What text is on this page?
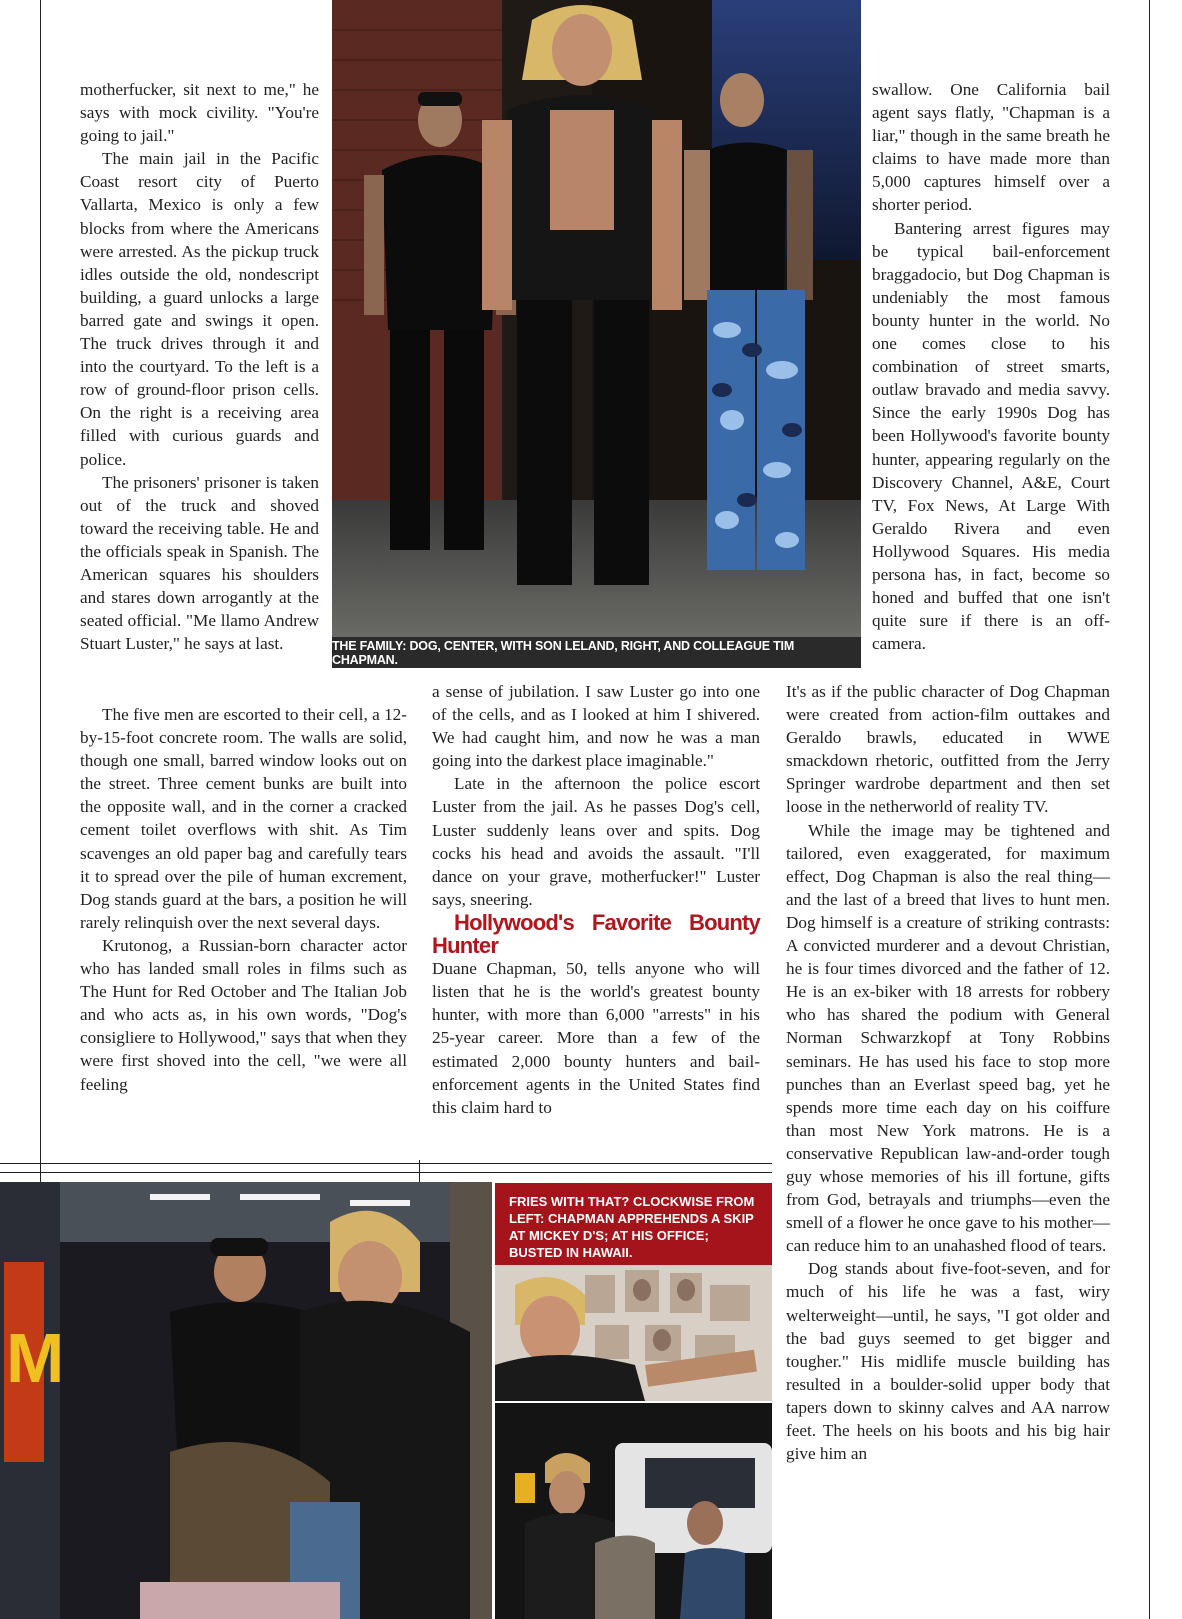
THE FAMILY: DOG, CENTER, WITH SON LELAND, RIGHT, AND COLLEAGUE TIM CHAPMAN.

motherfucker, sit next to me," he says with mock civility. "You're going to jail."

The main jail in the Pacific Coast resort city of Puerto Vallarta, Mexico is only a few blocks from where the Americans were arrested. As the pickup truck idles outside the old, nondescript building, a guard unlocks a large barred gate and swings it open. The truck drives through it and into the courtyard. To the left is a row of ground-floor prison cells. On the right is a receiving area filled with curious guards and police.

The prisoners' prisoner is taken out of the truck and shoved toward the receiving table. He and the officials speak in Spanish. The American squares his shoulders and stares down arrogantly at the seated official. "Me llamo Andrew Stuart Luster," he says at last.

The five men are escorted to their cell, a 12-by-15-foot concrete room. The walls are solid, though one small, barred window looks out on the street. Three cement bunks are built into the opposite wall, and in the corner a cracked cement toilet overflows with shit. As Tim scavenges an old paper bag and carefully tears it to spread over the pile of human excrement, Dog stands guard at the bars, a position he will rarely relinquish over the next several days.

Krutonog, a Russian-born character actor who has landed small roles in films such as The Hunt for Red October and The Italian Job and who acts as, in his own words, "Dog's consigliere to Hollywood," says that when they were first shoved into the cell, "we were all feeling

a sense of jubilation. I saw Luster go into one of the cells, and as I looked at him I shivered. We had caught him, and now he was a man going into the darkest place imaginable."

Late in the afternoon the police escort Luster from the jail. As he passes Dog's cell, Luster suddenly leans over and spits. Dog cocks his head and avoids the assault. "I'll dance on your grave, motherfucker!" Luster says, sneering.

Hollywood's Favorite Bounty Hunter

Duane Chapman, 50, tells anyone who will listen that he is the world's greatest bounty hunter, with more than 6,000 "arrests" in his 25-year career. More than a few of the estimated 2,000 bounty hunters and bail-enforcement agents in the United States find this claim hard to

swallow. One California bail agent says flatly, "Chapman is a liar," though in the same breath he claims to have made more than 5,000 captures himself over a shorter period.

Bantering arrest figures may be typical bail-enforcement braggadocio, but Dog Chapman is undeniably the most famous bounty hunter in the world. No one comes close to his combination of street smarts, outlaw bravado and media savvy. Since the early 1990s Dog has been Hollywood's favorite bounty hunter, appearing regularly on the Discovery Channel, A&E, Court TV, Fox News, At Large With Geraldo Rivera and even Hollywood Squares. His media persona has, in fact, become so honed and buffed that one isn't quite sure if there is an off-camera.

It's as if the public character of Dog Chapman were created from action-film outtakes and Geraldo brawls, educated in WWE smackdown rhetoric, outfitted from the Jerry Springer wardrobe department and then set loose in the netherworld of reality TV.

While the image may be tightened and tailored, even exaggerated, for maximum effect, Dog Chapman is also the real thing—and the last of a breed that lives to hunt men. Dog himself is a creature of striking contrasts: A convicted murderer and a devout Christian, he is four times divorced and the father of 12. He is an ex-biker with 18 arrests for robbery who has shared the podium with General Norman Schwarzkopf at Tony Robbins seminars. He has used his face to stop more punches than an Everlast speed bag, yet he spends more time each day on his coiffure than most New York matrons. He is a conservative Republican law-and-order tough guy whose memories of his ill fortune, gifts from God, betrayals and triumphs—even the smell of a flower he once gave to his mother—can reduce him to an unahashed flood of tears.

Dog stands about five-foot-seven, and for much of his life he was a fast, wiry welterweight—until, he says, "I got older and the bad guys seemed to get bigger and tougher." His midlife muscle building has resulted in a boulder-solid upper body that tapers down to skinny calves and AA narrow feet. The heels on his boots and his big hair give him an

M
FRIES WITH THAT? CLOCKWISE FROM LEFT: CHAPMAN APPREHENDS A SKIP AT MICKEY D'S; AT HIS OFFICE; BUSTED IN HAWAII.
